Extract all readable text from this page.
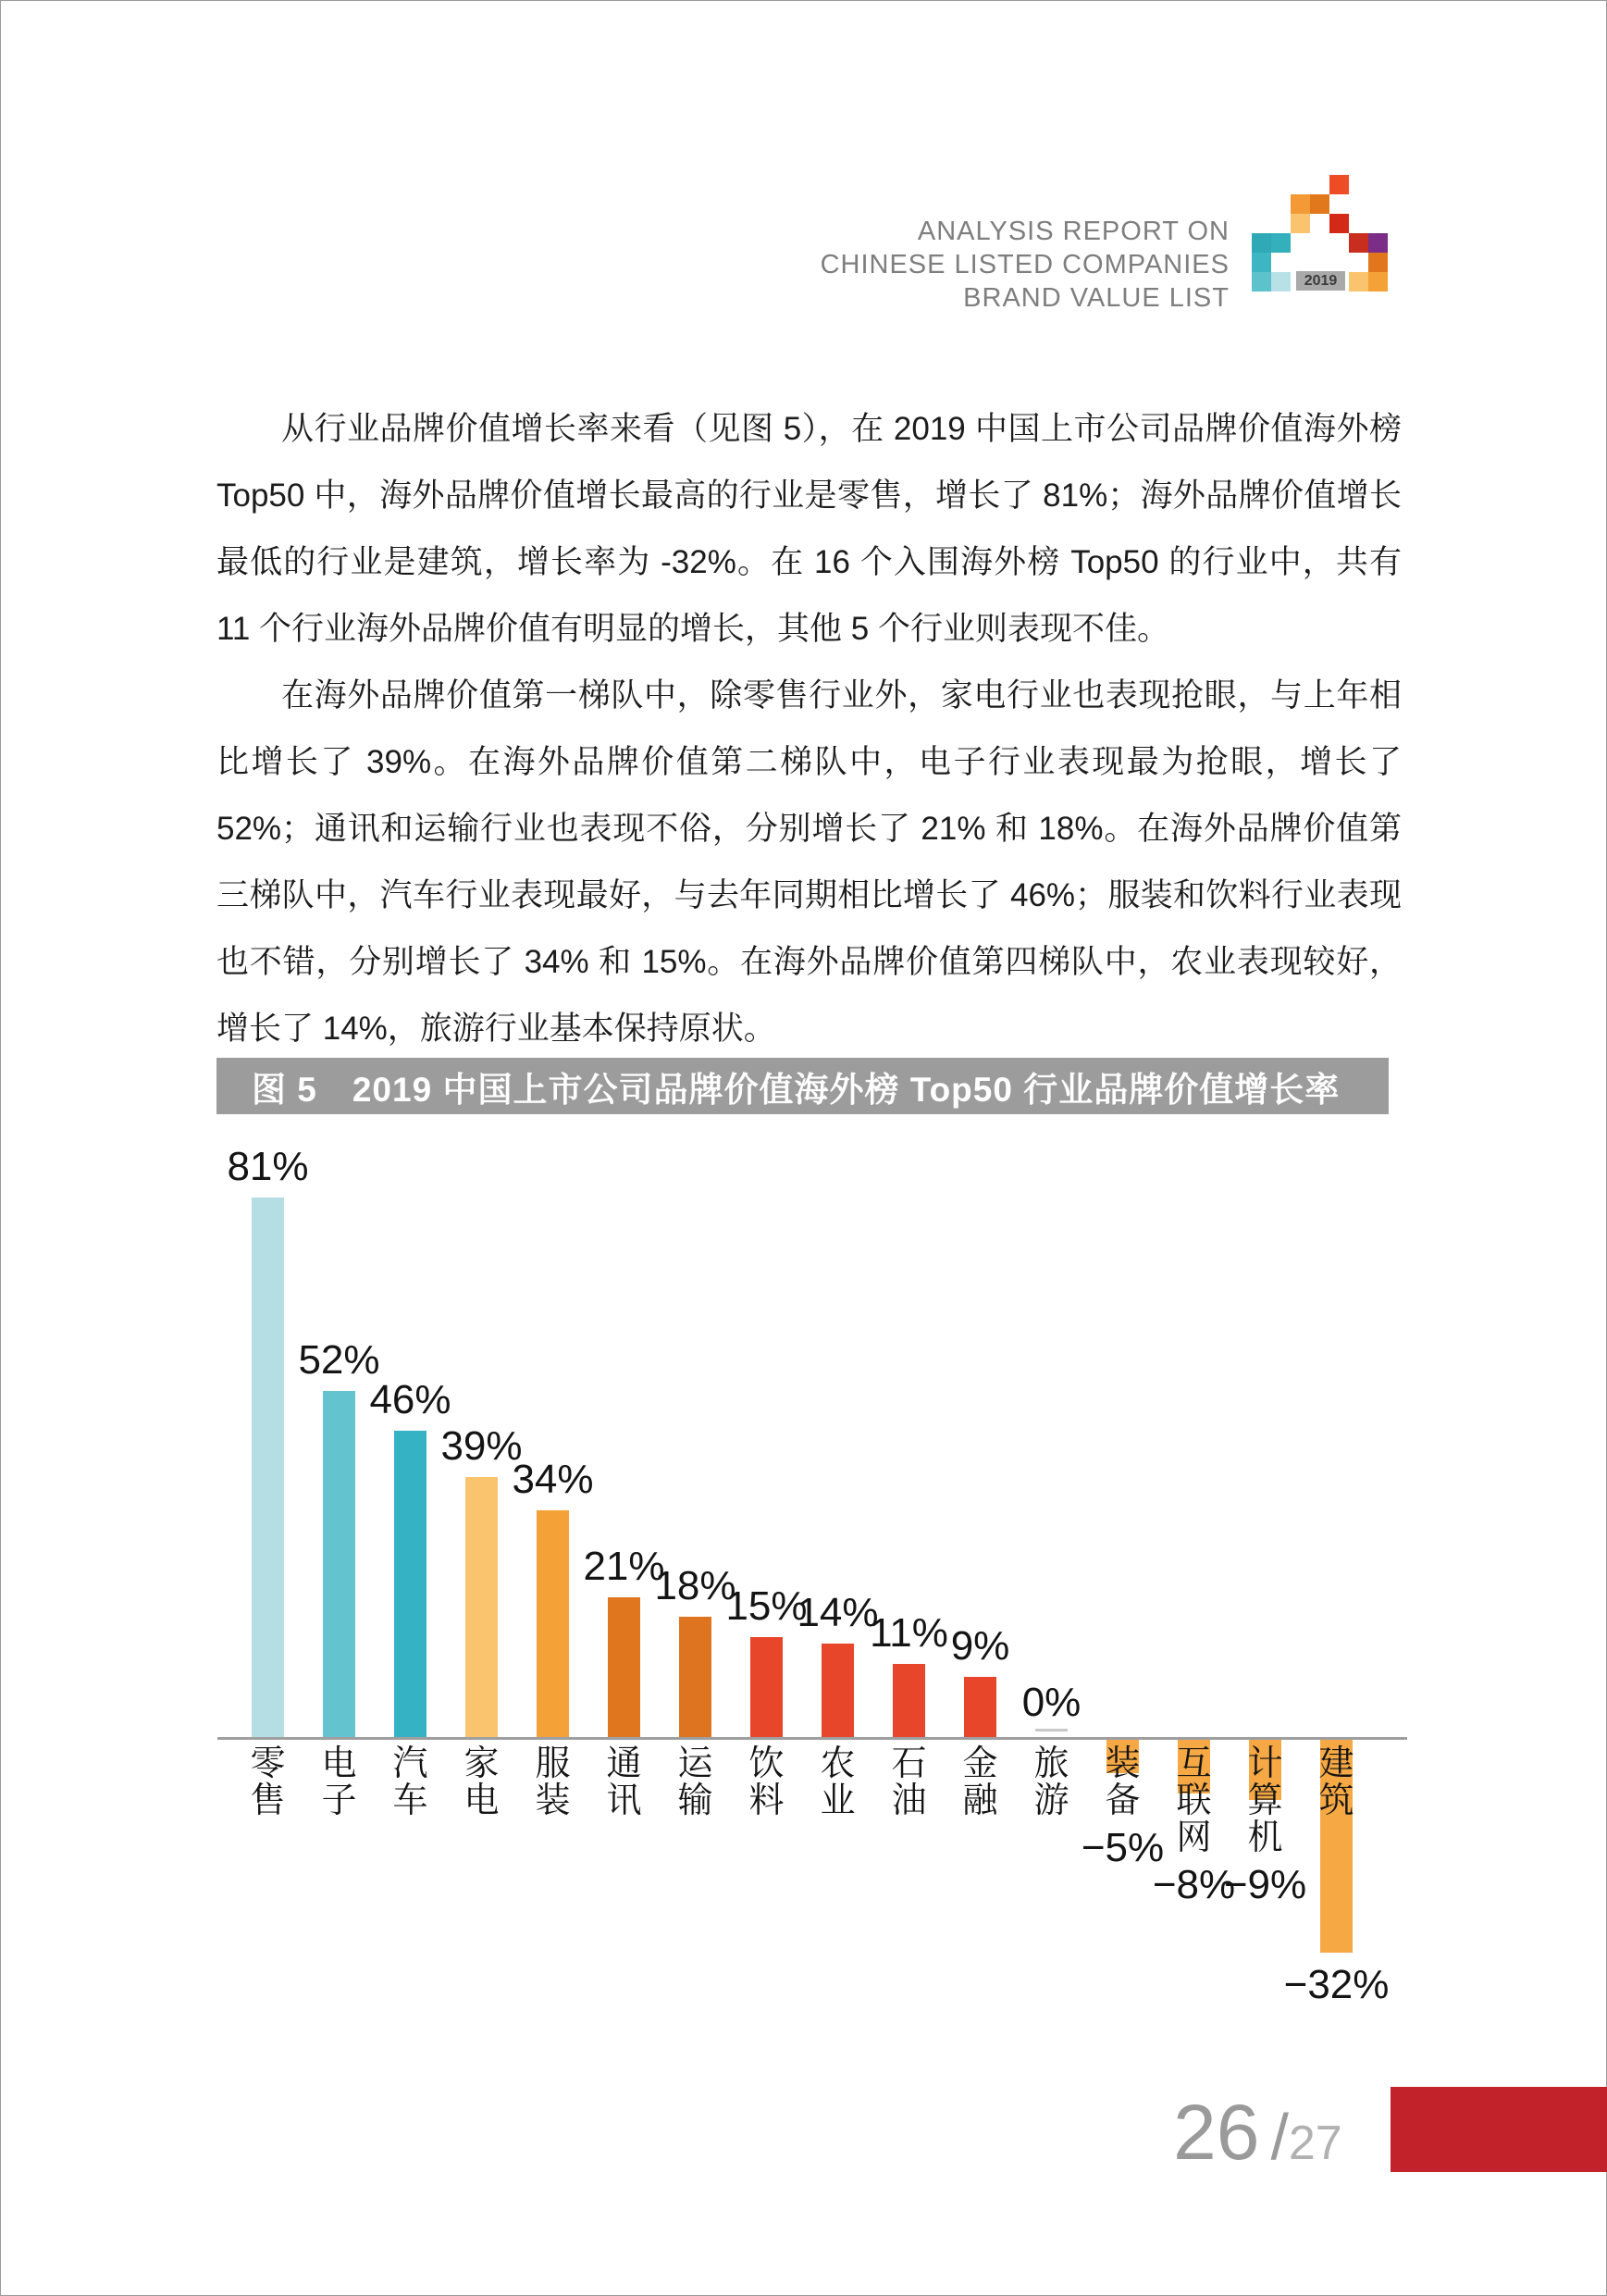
ANALYSIS REPORT ON
CHINESE LISTED COMPANIES
BRAND VALUE LIST
2019

从行业品牌价值增长率来看（见图 5），在 2019 中国上市公司品牌价值海外榜 Top50 中，海外品牌价值增长最高的行业是零售，增长了 81%；海外品牌价值增长最低的行业是建筑，增长率为 -32%。在 16 个入围海外榜 Top50 的行业中，共有 11 个行业海外品牌价值有明显的增长，其他 5 个行业则表现不佳。

在海外品牌价值第一梯队中，除零售行业外，家电行业也表现抢眼，与上年相比增长了 39%。在海外品牌价值第二梯队中，电子行业表现最为抢眼，增长了 52%；通讯和运输行业也表现不俗，分别增长了 21% 和 18%。在海外品牌价值第三梯队中，汽车行业表现最好，与去年同期相比增长了 46%；服装和饮料行业表现也不错，分别增长了 34% 和 15%。在海外品牌价值第四梯队中，农业表现较好，增长了 14%，旅游行业基本保持原状。

图 5　2019 中国上市公司品牌价值海外榜 Top50 行业品牌价值增长率
81%
零
售
52%
电
子
46%
汽
车
39%
家
电
34%
服
装
21%
通
讯
18%
运
输
15%
饮
料
14%
农
业
11%
石
油
9%
金
融
0%
旅
游
−5%
装
备
−8%
互
联
网
−9%
计
算
机
−32%
建
筑
26 /27
